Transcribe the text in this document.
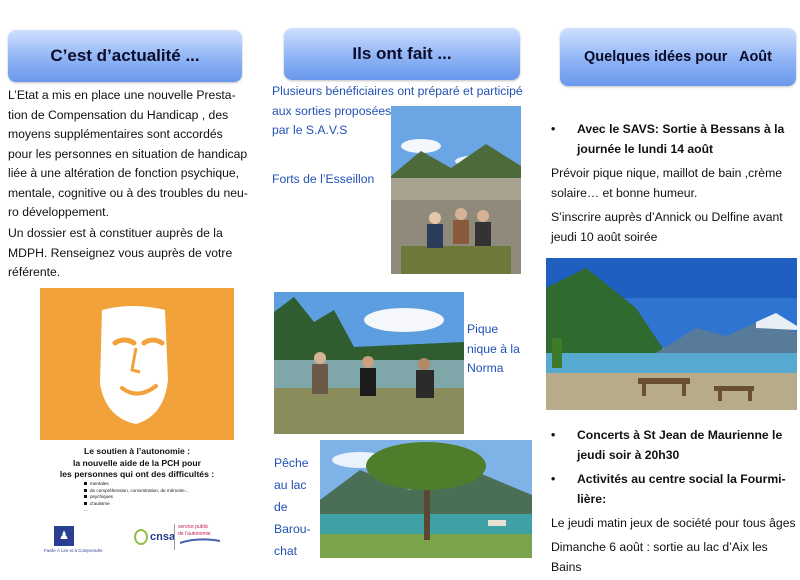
C’est d’actualité ...
L’Etat a mis en place une nouvelle Presta-
tion de Compensation du Handicap , des
moyens supplémentaires sont accordés
pour les personnes en situation de handicap
liée à une altération de fonction psychique,
mentale, cognitive ou à des troubles du neu-
ro développement.
Un dossier est à constituer auprès de la
MDPH. Renseignez vous auprès de votre
référente.
Le soutien à l’autonomie :
la nouvelle aide de la PCH pour
les personnes qui ont des difficultés :
mentales
de compréhension, concentration, de mémoire...
psychiques
d’autisme
...
♟
Facile À Lire et à Comprendre
cnsa
service public
de l’autonomie
Ils ont fait ...
Plusieurs bénéficiaires ont préparé et participé
aux sorties proposées
par le S.A.V.S
Forts de l’Esseillon
Pique
nique à la
Norma
Pêche
au lac
de
Barou-
chat
Quelques idées pour   Août
• Avec le SAVS: Sortie à Bessans à la
journée le lundi 14 août
Prévoir pique nique, maillot de bain ,crème
solaire… et bonne humeur.
S’inscrire auprès d’Annick ou Delfine avant
jeudi 10 août soirée
• Concerts à St Jean de Maurienne le
jeudi soir à 20h30
• Activités au centre social la Fourmi-
lière:
Le jeudi matin jeux de société pour tous âges
Dimanche 6 août : sortie au lac d’Aix les Bains
